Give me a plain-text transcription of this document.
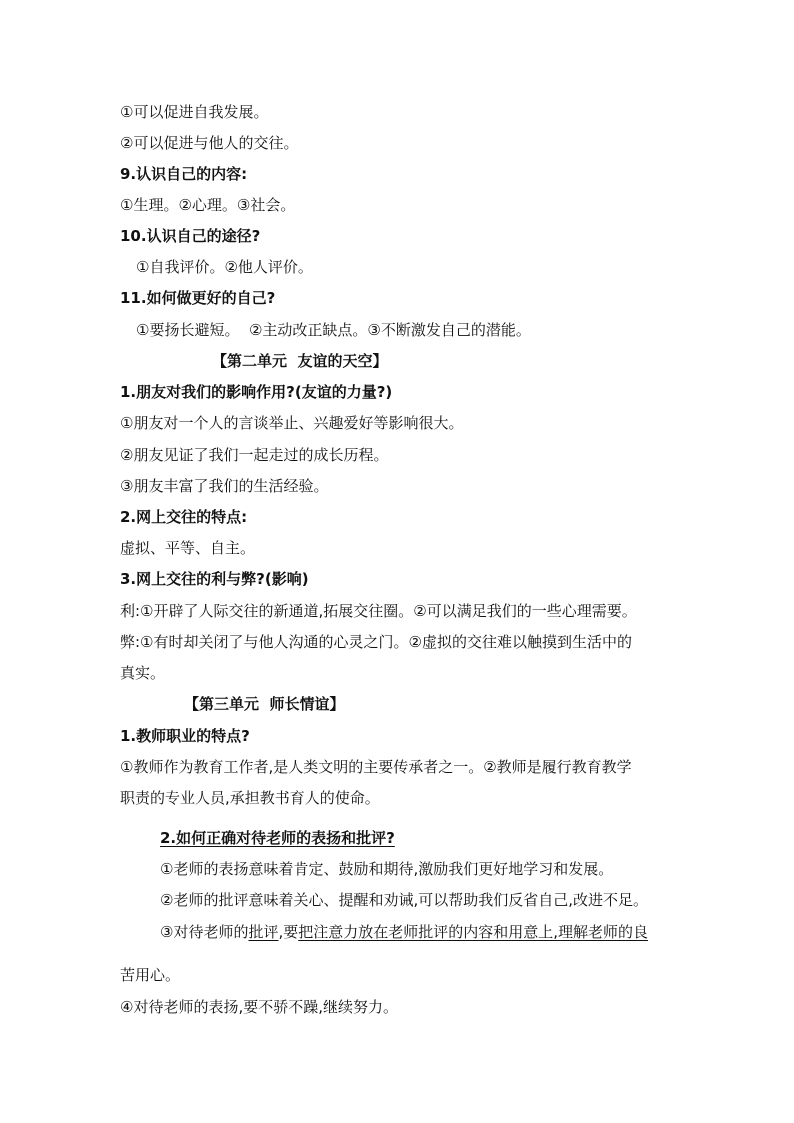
①可以促进自我发展。
②可以促进与他人的交往。
9.认识自己的内容:
①生理。②心理。③社会。
10.认识自己的途径?
①自我评价。②他人评价。
11.如何做更好的自己?
①要扬长避短。  ②主动改正缺点。③不断激发自己的潜能。
【第二单元  友谊的天空】
1.朋友对我们的影响作用?(友谊的力量?)
①朋友对一个人的言谈举止、兴趣爱好等影响很大。
②朋友见证了我们一起走过的成长历程。
③朋友丰富了我们的生活经验。
2.网上交往的特点:
虚拟、平等、自主。
3.网上交往的利与弊?(影响)
利:①开辟了人际交往的新通道,拓展交往圈。②可以满足我们的一些心理需要。
弊:①有时却关闭了与他人沟通的心灵之门。②虚拟的交往难以触摸到生活中的
真实。
【第三单元  师长情谊】
1.教师职业的特点?
①教师作为教育工作者,是人类文明的主要传承者之一。②教师是履行教育教学
职责的专业人员,承担教书育人的使命。
2.如何正确对待老师的表扬和批评?
①老师的表扬意味着肯定、鼓励和期待,激励我们更好地学习和发展。
②老师的批评意味着关心、提醒和劝诫,可以帮助我们反省自己,改进不足。
③对待老师的批评,要把注意力放在老师批评的内容和用意上,理解老师的良
苦用心。
④对待老师的表扬,要不骄不躁,继续努力。
